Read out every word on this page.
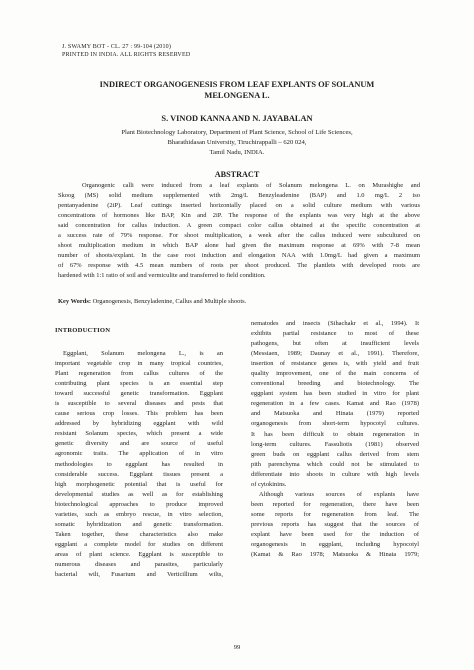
J. SWAMY BOT - CL. 27 : 99-104 (2010)
PRINTED IN INDIA. ALL RIGHTS RESERVED
INDIRECT ORGANOGENESIS FROM LEAF EXPLANTS OF SOLANUM
MELONGENA L.
S. VINOD KANNA AND N. JAYABALAN
Plant Biotechnology Laboratory, Department of Plant Science, School of Life Sciences,
Bharathidasan University, Tiruchirappalli – 620 024,
Tamil Nadu, INDIA.
ABSTRACT
Organogenic calli were induced from a leaf explants of Solanum melongena L. on Murashighe and
Skoog (MS) solid medium supplemented with 2mg/L Benzyleadenine (BAP) and 1.0 mg/L 2 iso
pentanyadenine (2iP). Leaf cuttings inserted horizontally placed on a solid culture medium with various
concentrations of hormones like BAP, Kin and 2iP. The response of the explants was very high at the above
said concentration for callus induction. A green compact color callus obtained at the specific concentration at
a success rate of 79% response. For shoot multiplication, a week after the callus induced were subcultured on
shoot multiplication medium in which BAP alone had given the maximum response at 69% with 7-8 mean
number of shoots/explant. In the case root induction and elongation NAA with 1.0mg/L had given a maximum
of 67% response with 4.5 mean numbers of roots per shoot produced. The plantlets with developed roots are
hardened with 1:1 ratio of soil and vermiculite and transferred to field condition.
Key Words: Organogenesis, Benzyladenine, Callus and Multiple shoots.
INTRODUCTION
Eggplant, Solanum melongena L., is an
important vegetable crop in many tropical countries,
Plant regeneration from callus cultures of the
contributing plant species is an essential step
toward successful genetic transformation. Eggplant
is susceptible to several diseases and pests that
cause serious crop losses. This problem has been
addressed by hybridizing eggplant with wild
resistant Solanum species, which present a wide
genetic diversity and are source of useful
agronomic traits. The application of in vitro
methodologies to eggplant has resulted in
considerable success. Eggplant tissues present a
high morphogenetic potential that is useful for
developmental studies as well as for establishing
biotechnological approaches to produce improved
varieties, such as embryo rescue, in vitro selection,
somatic hybridization and genetic transformation.
Taken together, these characteristics also make
eggplant a complete model for studies on different
areas of plant science. Eggplant is susceptible to
numerous diseases and parasites, particularly
bacterial wilt, Fusarium and Verticillium wilts,
nematodes and insects (Sihachakr et al., 1994). It
exhibits partial resistance to most of these
pathogens, but often at insufficient levels
(Messiaen, 1989; Daunay et al., 1991). Therefore,
insertion of resistance genes is, with yield and fruit
quality improvement, one of the main concerns of
conventional breeding and biotechnology. The
eggplant system has been studied in vitro for plant
regeneration in a few cases. Kamat and Rao (1978)
and Matsuoka and Hinata (1979) reported
organogenesis from short-term hypocotyl cultures.
It has been difficult to obtain regeneration in
long-term cultures. Fassuliotis (1981) observed
green buds on eggplant callus derived from stem
pith parenchyma which could not be stimulated to
differentiate into shoots in culture with high levels
of cytokinins.
Although various sources of explants have
been reported for regeneration, there have been
some reports for regeneration from leaf. The
previous reports has suggest that the sources of
explant have been used for the induction of
organogenesis in eggplant, including hypocotyl
(Kamat & Rao 1978; Matsuoka & Hinata 1979;
99
